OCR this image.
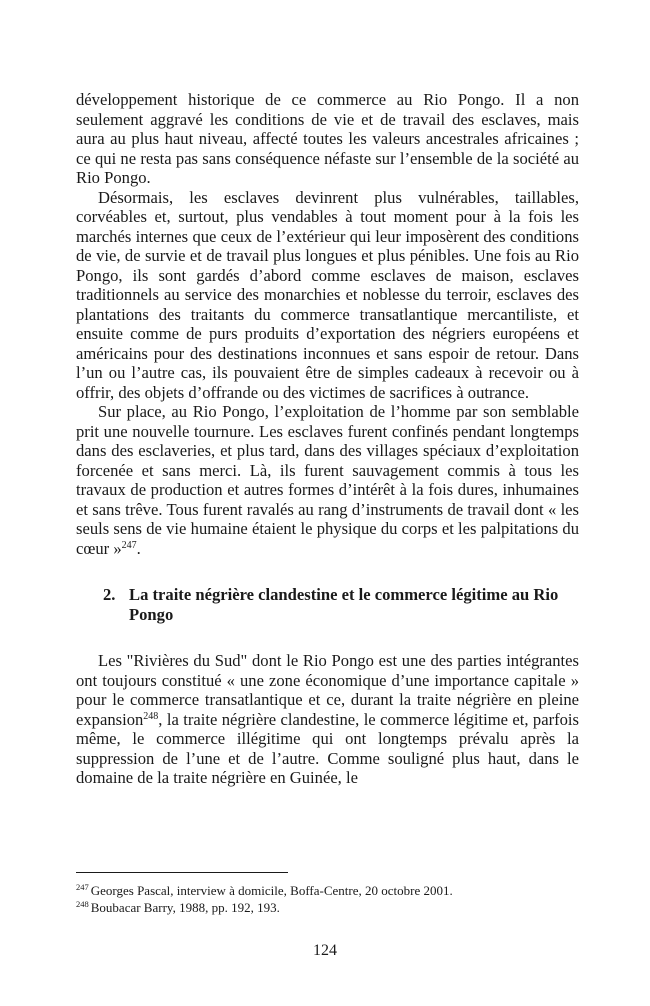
développement historique de ce commerce au Rio Pongo. Il a non seulement aggravé les conditions de vie et de travail des esclaves, mais aura au plus haut niveau, affecté toutes les valeurs ancestrales africaines ; ce qui ne resta pas sans conséquence néfaste sur l’ensemble de la société au Rio Pongo.

Désormais, les esclaves devinrent plus vulnérables, taillables, corvéables et, surtout, plus vendables à tout moment pour à la fois les marchés internes que ceux de l’extérieur qui leur imposèrent des conditions de vie, de survie et de travail plus longues et plus pénibles. Une fois au Rio Pongo, ils sont gardés d’abord comme esclaves de maison, esclaves traditionnels au service des monarchies et noblesse du terroir, esclaves des plantations des traitants du commerce transatlantique mercantiliste, et ensuite comme de purs produits d’exportation des négriers européens et américains pour des destinations inconnues et sans espoir de retour. Dans l’un ou l’autre cas, ils pouvaient être de simples cadeaux à recevoir ou à offrir, des objets d’offrande ou des victimes de sacrifices à outrance.

Sur place, au Rio Pongo, l’exploitation de l’homme par son semblable prit une nouvelle tournure. Les esclaves furent confinés pendant longtemps dans des esclaveries, et plus tard, dans des villages spéciaux d’exploitation forcenée et sans merci. Là, ils furent sauvagement commis à tous les travaux de production et autres formes d’intérêt à la fois dures, inhumaines et sans trêve. Tous furent ravalés au rang d’instruments de travail dont « les seuls sens de vie humaine étaient le physique du corps et les palpitations du cœur »$^{247}$.

2. La traite négrière clandestine et le commerce légitime au Rio Pongo

Les "Rivières du Sud" dont le Rio Pongo est une des parties intégrantes ont toujours constitué « une zone économique d’une importance capitale » pour le commerce transatlantique et ce, durant la traite négrière en pleine expansion$^{248}$, la traite négrière clandestine, le commerce légitime et, parfois même, le commerce illégitime qui ont longtemps prévalu après la suppression de l’une et de l’autre. Comme souligné plus haut, dans le domaine de la traite négrière en Guinée, le

$^{247}$ Georges Pascal, interview à domicile, Boffa-Centre, 20 octobre 2001.

$^{248}$ Boubacar Barry, 1988, pp. 192, 193.

124
